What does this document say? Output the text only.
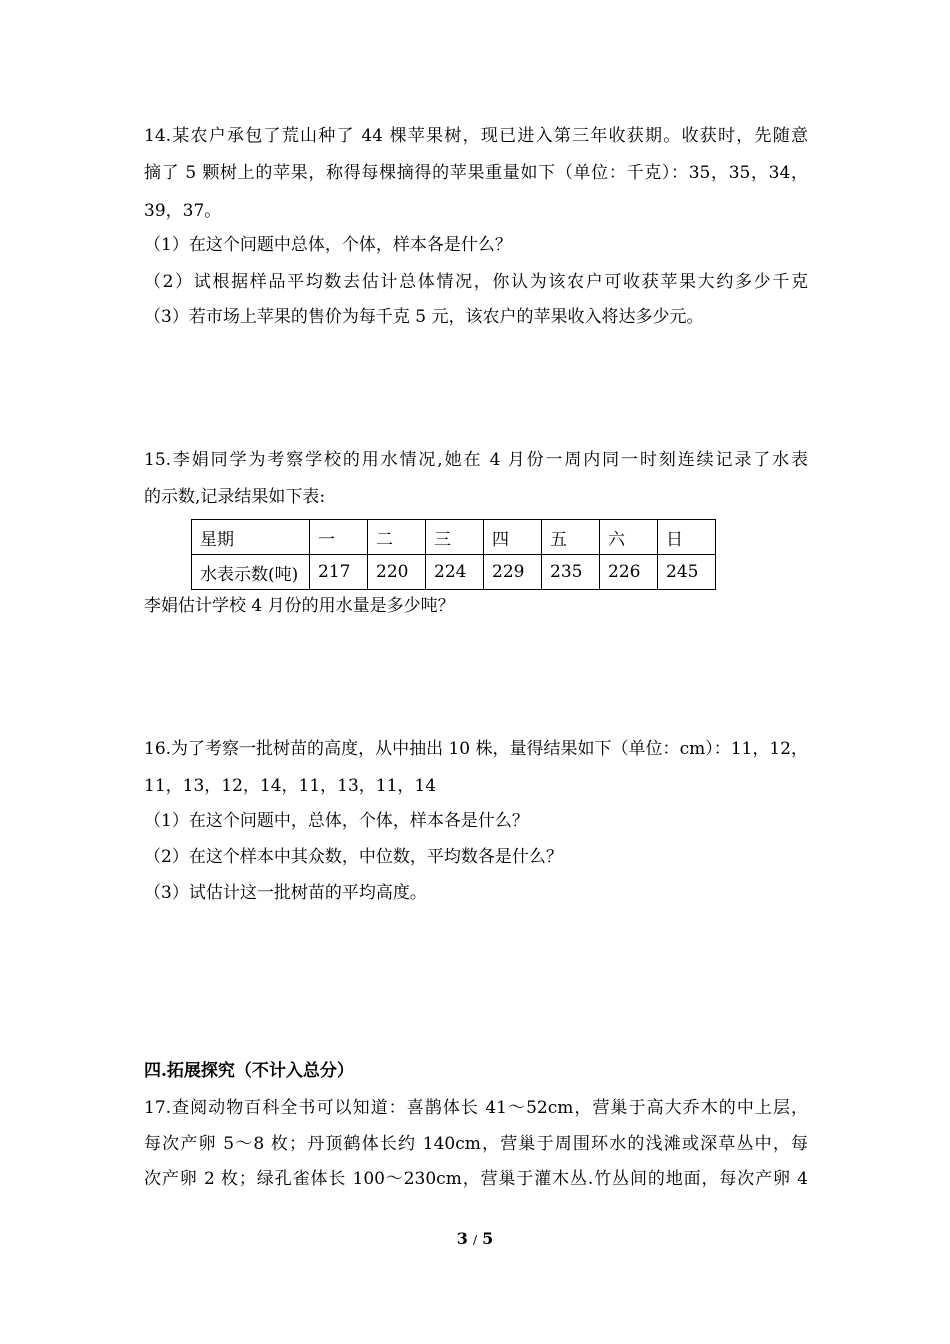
14.某农户承包了荒山种了 44 棵苹果树，现已进入第三年收获期。收获时，先随意
摘了 5 颗树上的苹果，称得每棵摘得的苹果重量如下（单位：千克）：35，35，34，
39，37。
（1）在这个问题中总体，个体，样本各是什么？
（2）试根据样品平均数去估计总体情况，你认为该农户可收获苹果大约多少千克
（3）若市场上苹果的售价为每千克 5 元，该农户的苹果收入将达多少元。
15.李娟同学为考察学校的用水情况,她在 4 月份一周内同一时刻连续记录了水表
的示数,记录结果如下表:
星期	一	二	三	四	五	六	日
水表示数(吨)	217	220	224	229	235	226	245
李娟估计学校 4 月份的用水量是多少吨？
16.为了考察一批树苗的高度，从中抽出 10 株，量得结果如下（单位：cm）：11，12，
11，13，12，14，11，13，11，14
（1）在这个问题中，总体，个体，样本各是什么？
（2）在这个样本中其众数，中位数，平均数各是什么？
（3）试估计这一批树苗的平均高度。
四.拓展探究（不计入总分）
17.查阅动物百科全书可以知道：喜鹊体长 41～52cm，营巢于高大乔木的中上层，
每次产卵 5～8 枚；丹顶鹤体长约 140cm，营巢于周围环水的浅滩或深草丛中，每
次产卵 2 枚；绿孔雀体长 100～230cm，营巢于灌木丛.竹丛间的地面，每次产卵 4
3 / 5
